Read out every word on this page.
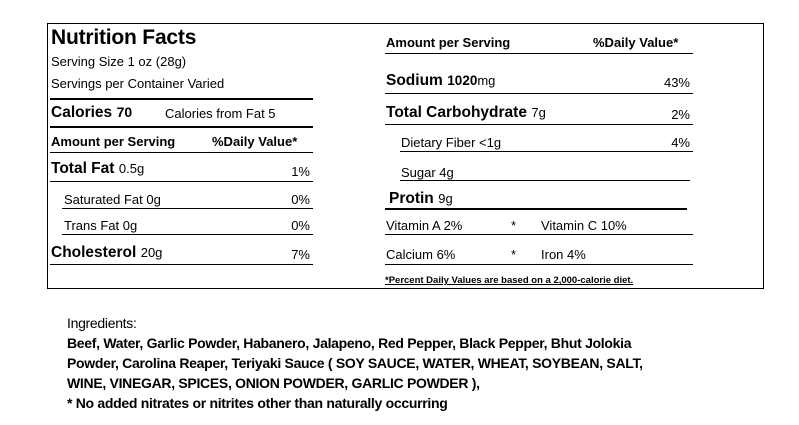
Nutrition Facts
Serving Size 1 oz (28g)
Servings per Container Varied
Calories 70	Calories from Fat 5
Amount per Serving	%Daily Value*
Total Fat 0.5g	1%
Saturated Fat 0g	0%
Trans Fat 0g	0%
Cholesterol 20g	7%
Amount per Serving	%Daily Value*
Sodium 1020mg	43%
Total Carbohydrate 7g	2%
Dietary Fiber <1g	4%
Sugar 4g
Protin 9g
Vitamin A 2%	* Vitamin C 10%
Calcium 6%	* Iron 4%
*Percent Daily Values are based on a 2,000-calorie diet.
Ingredients:
Beef, Water, Garlic Powder, Habanero, Jalapeno, Red Pepper, Black Pepper, Bhut Jolokia
Powder, Carolina Reaper, Teriyaki Sauce ( SOY SAUCE, WATER, WHEAT, SOYBEAN, SALT,
WINE, VINEGAR, SPICES, ONION POWDER, GARLIC POWDER ),
* No added nitrates or nitrites other than naturally occurring
